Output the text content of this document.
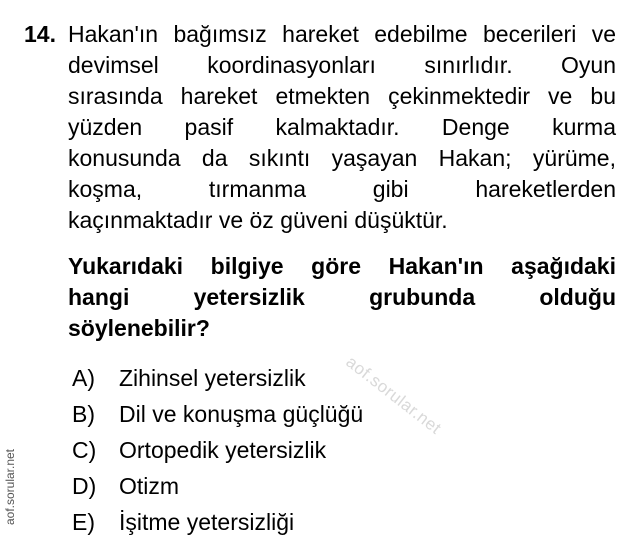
14. Hakan'ın bağımsız hareket edebilme becerileri ve
devimsel koordinasyonları sınırlıdır. Oyun
sırasında hareket etmekten çekinmektedir ve bu
yüzden pasif kalmaktadır. Denge kurma
konusunda da sıkıntı yaşayan Hakan; yürüme,
koşma, tırmanma gibi hareketlerden
kaçınmaktadır ve öz güveni düşüktür.
Yukarıdaki bilgiye göre Hakan'ın aşağıdaki
hangi yetersizlik grubunda olduğu
söylenebilir?
A)	Zihinsel yetersizlik
B)	Dil ve konuşma güçlüğü
C) Ortopedik yetersizlik
D) Otizm
E)	İşitme yetersizliği
aof.sorular.net
aof.sorular.net
